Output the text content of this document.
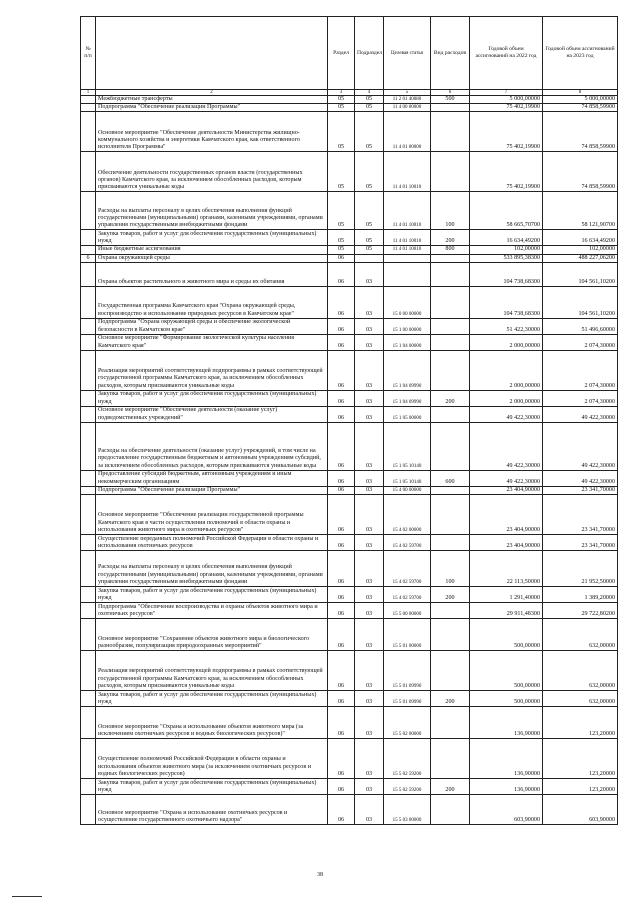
№ п/п		Раздел	Подраздел	Целевая статья	Вид расходов	Годовой объем ассигнований на 2022 год	Годовой объем ассигнований на 2023 год
1	2	3	4	5	6	7	8
	Межбюджетные трансферты	05	05	11 2 01 40080	500	5 000,00000	5 000,00000
	Подпрограмма "Обеспечение реализации Программы"	05	05	11 4 00 00000		75 402,19900	74 858,59900
	Основное мероприятие "Обеспечение деятельности Министерства жилищно-коммунального хозяйства и энергетики Камчатского края, как ответственного исполнителя Программы"	05	05	11 4 01 00000		75 402,19900	74 858,59900
	Обеспечение деятельности государственных органов власти (государственных органов) Камчатского края, за исключением обособленных расходов, которым присваиваются уникальные коды	05	05	11 4 01 10010		75 402,19900	74 858,59900
	Расходы на выплаты персоналу в целях обеспечения выполнения функций государственными (муниципальными) органами, казенными учреждениями, органами управления государственными внебюджетными фондами	05	05	11 4 01 10010	100	58 665,70700	58 121,90700
	Закупка товаров, работ и услуг для обеспечения государственных (муниципальных) нужд	05	05	11 4 01 10010	200	16 634,49200	16 634,49200
	Иные бюджетные ассигнования	05	05	11 4 01 10010	800	102,00000	102,00000
6	Охрана окружающей среды	06				533 895,38300	488 227,06200
	Охрана объектов растительного и животного мира и среды их обитания	06	03			104 738,68300	104 561,10200
	Государственная программа Камчатского края "Охрана окружающей среды, воспроизводство и использование природных ресурсов в Камчатском крае"	06	03	15 0 00 00000		104 738,68300	104 561,10200
	Подпрограмма "Охрана окружающей среды и обеспечение экологической безопасности в Камчатском крае"	06	03	15 1 00 00000		51 422,30000	51 496,60000
	Основное мероприятие "Формирование экологической культуры населения Камчатского края"	06	03	15 1 04 00000		2 000,00000	2 074,30000
	Реализация мероприятий соответствующей подпрограммы в рамках соответствующей государственной программы Камчатского края, за исключением обособленных расходов, которым присваиваются уникальные коды	06	03	15 1 04 09990		2 000,00000	2 074,30000
	Закупка товаров, работ и услуг для обеспечения государственных (муниципальных) нужд	06	03	15 1 04 09990	200	2 000,00000	2 074,30000
	Основное мероприятие "Обеспечение деятельности (оказание услуг) подведомственных учреждений"	06	03	15 1 05 00000		49 422,30000	49 422,30000
	Расходы на обеспечение деятельности (оказание услуг) учреждений, в том числе на предоставление государственным бюджетным и автономным учреждениям субсидий, за исключением обособленных расходов, которым присваиваются уникальные коды	06	03	15 1 05 10140		49 422,30000	49 422,30000
	Предоставление субсидий бюджетным, автономным учреждениям и иным некоммерческим организациям	06	03	15 1 05 10140	600	49 422,30000	49 422,30000
	Подпрограмма "Обеспечение реализации Программы"	06	03	15 4 00 00000		23 404,90000	23 341,70000
	Основное мероприятие "Обеспечение реализации государственной программы Камчатского края в части осуществления полномочий в области охраны и использования животного мира и охотничьих ресурсов"	06	03	15 4 02 00000		23 404,90000	23 341,70000
	Осуществление переданных полномочий Российской Федерации в области охраны и использования охотничьих ресурсов	06	03	15 4 02 59700		23 404,90000	23 341,70000
	Расходы на выплаты персоналу в целях обеспечения выполнения функций государственными (муниципальными) органами, казенными учреждениями, органами управления государственными внебюджетными фондами	06	03	15 4 02 59700	100	22 113,50000	21 952,50000
	Закупка товаров, работ и услуг для обеспечения государственных (муниципальных) нужд	06	03	15 4 02 59700	200	1 291,40000	1 389,20000
	Подпрограмма "Обеспечение воспроизводства и охраны объектов животного мира и охотничьих ресурсов"	06	03	15 5 00 00000		29 911,48300	29 722,80200
	Основное мероприятие "Сохранение объектов животного мира и биологического разнообразия, популяризация природоохранных мероприятий"	06	03	15 5 01 00000		500,00000	632,00000
	Реализация мероприятий соответствующей подпрограммы в рамках соответствующей государственной программы Камчатского края, за исключением обособленных расходов, которым присваиваются уникальные коды	06	03	15 5 01 09990		500,00000	632,00000
	Закупка товаров, работ и услуг для обеспечения государственных (муниципальных) нужд	06	03	15 5 01 09990	200	500,00000	632,00000
	Основное мероприятие "Охрана и использование объектов животного мира (за исключением охотничьих ресурсов и водных биологических ресурсов)"	06	03	15 5 02 00000		136,90000	123,20000
	Осуществление полномочий Российской Федерации в области охраны и использования объектов животного мира (за исключением охотничьих ресурсов и водных биологических ресурсов)	06	03	15 5 02 59200		136,90000	123,20000
	Закупка товаров, работ и услуг для обеспечения государственных (муниципальных) нужд	06	03	15 5 02 59200	200	136,90000	123,20000
	Основное мероприятие "Охрана и использование охотничьих ресурсов и осуществление государственного охотничьего надзора"	06	03	15 5 03 00000		603,90000	603,90000
38
